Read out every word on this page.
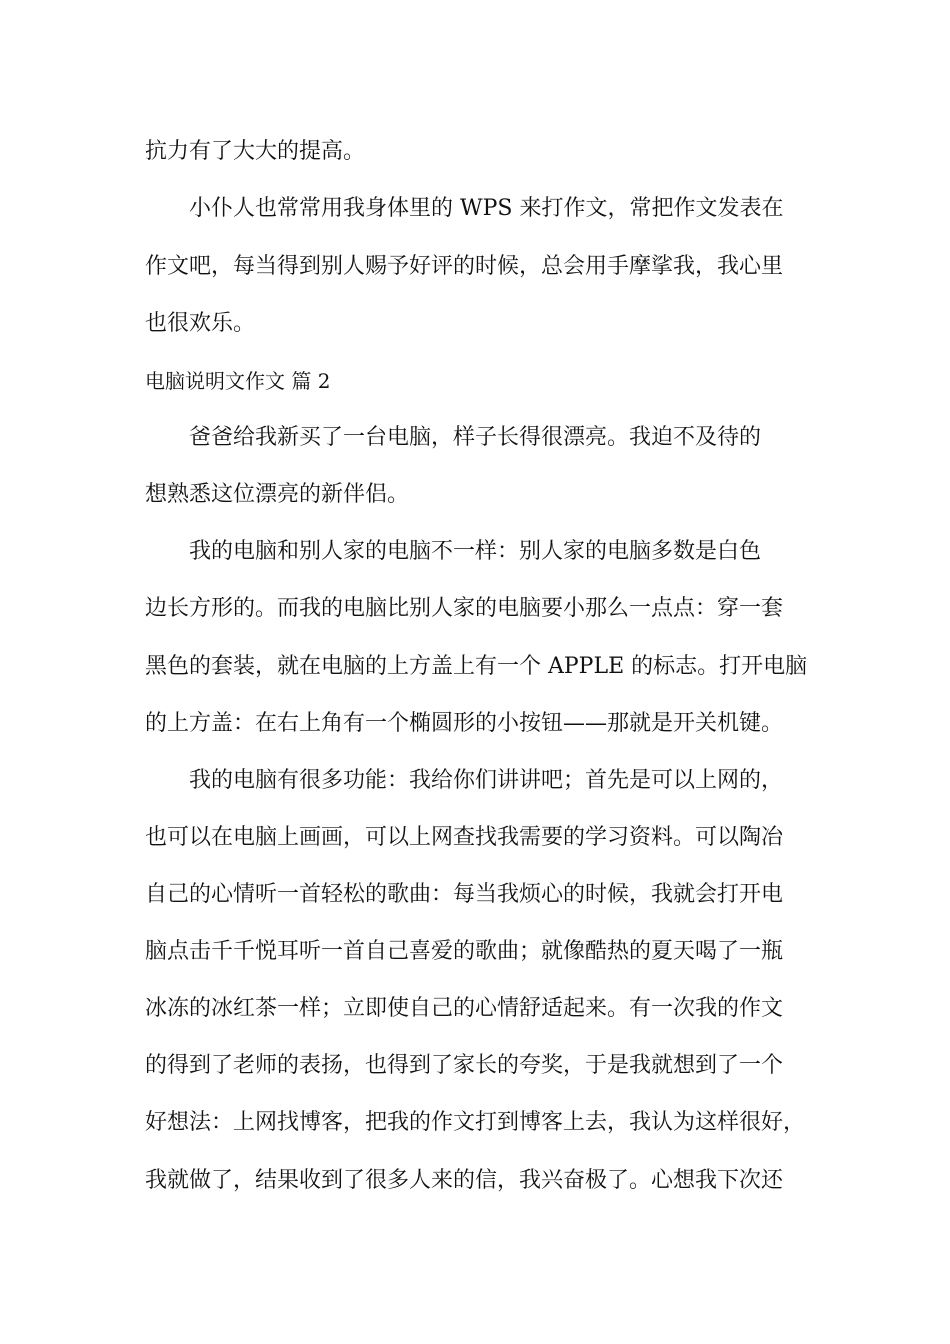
抗力有了大大的提高。
　　小仆人也常常用我身体里的 WPS 来打作文，常把作文发表在
作文吧，每当得到别人赐予好评的时候，总会用手摩挲我，我心里
也很欢乐。
电脑说明文作文 篇 2
　　爸爸给我新买了一台电脑，样子长得很漂亮。我迫不及待的
想熟悉这位漂亮的新伴侣。
　　我的电脑和别人家的电脑不一样：别人家的电脑多数是白色
边长方形的。而我的电脑比别人家的电脑要小那么一点点：穿一套
黑色的套装，就在电脑的上方盖上有一个 APPLE 的标志。打开电脑
的上方盖：在右上角有一个椭圆形的小按钮——那就是开关机键。
　　我的电脑有很多功能：我给你们讲讲吧；首先是可以上网的，
也可以在电脑上画画，可以上网查找我需要的学习资料。可以陶冶
自己的心情听一首轻松的歌曲：每当我烦心的时候，我就会打开电
脑点击千千悦耳听一首自己喜爱的歌曲；就像酷热的夏天喝了一瓶
冰冻的冰红茶一样；立即使自己的心情舒适起来。有一次我的作文
的得到了老师的表扬，也得到了家长的夸奖，于是我就想到了一个
好想法：上网找博客，把我的作文打到博客上去，我认为这样很好，
我就做了，结果收到了很多人来的信，我兴奋极了。心想我下次还
